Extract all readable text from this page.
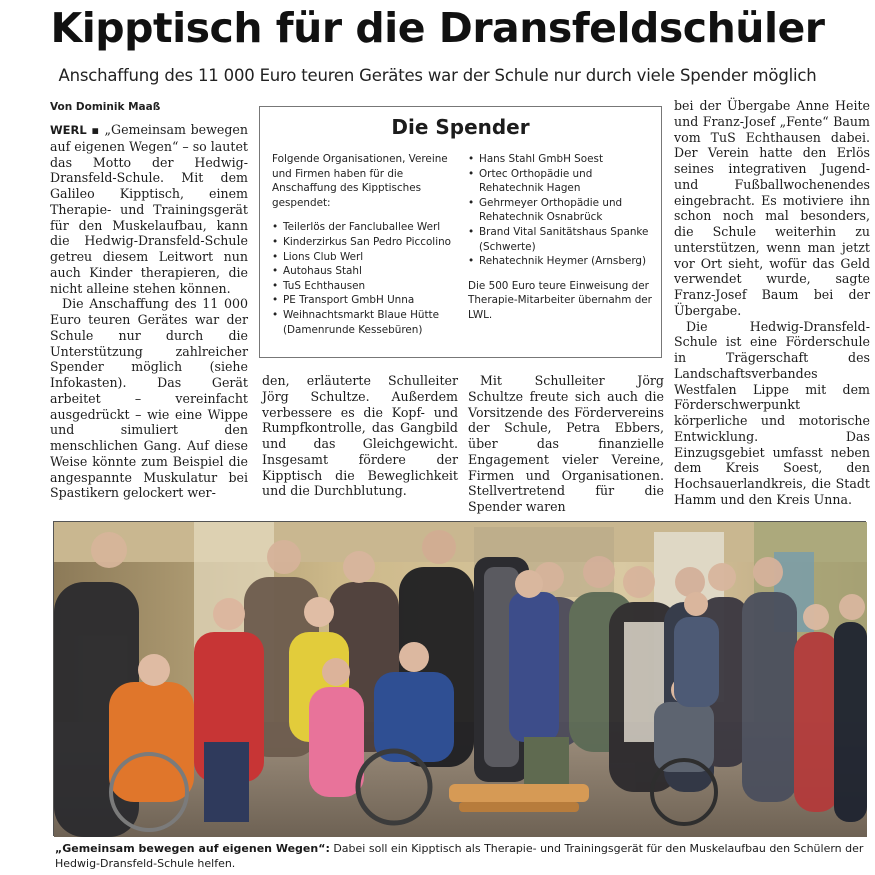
Kipptisch für die Dransfeldschüler
Anschaffung des 11 000 Euro teuren Gerätes war der Schule nur durch viele Spender möglich
Von Dominik Maaß

WERL ▪ „Gemeinsam bewegen auf eigenen Wegen“ – so lautet das Motto der Hedwig-Dransfeld-Schule. Mit dem Galileo Kipptisch, einem Therapie- und Trainingsgerät für den Muskelaufbau, kann die Hedwig-Dransfeld-Schule getreu diesem Leitwort nun auch Kinder therapieren, die nicht alleine stehen können.

Die Anschaffung des 11 000 Euro teuren Gerätes war der Schule nur durch die Unterstützung zahlreicher Spender möglich (siehe Infokasten). Das Gerät arbeitet – vereinfacht ausgedrückt – wie eine Wippe und simuliert den menschlichen Gang. Auf diese Weise könnte zum Beispiel die angespannte Muskulatur bei Spastikern gelockert wer-

Die Spender
Folgende Organisationen, Vereine und Firmen haben für die Anschaffung des Kipptisches gespendet:
• Teilerlös der Fancluballee Werl
• Kinderzirkus San Pedro Piccolino
• Lions Club Werl
• Autohaus Stahl
• TuS Echthausen
• PE Transport GmbH Unna
• Weihnachtsmarkt Blaue Hütte (Damenrunde Kessebüren)
• Hans Stahl GmbH Soest
• Ortec Orthopädie und Rehatechnik Hagen
• Gehrmeyer Orthopädie und Rehatechnik Osnabrück
• Brand Vital Sanitätshaus Spanke (Schwerte)
• Rehatechnik Heymer (Arnsberg)
Die 500 Euro teure Einweisung der Therapie-Mitarbeiter übernahm der LWL.

den, erläuterte Schulleiter Jörg Schultze. Außerdem verbessere es die Kopf- und Rumpfkontrolle, das Gangbild und das Gleichgewicht. Insgesamt fördere der Kipptisch die Beweglichkeit und die Durchblutung.

Mit Schulleiter Jörg Schultze freute sich auch die Vorsitzende des Fördervereins der Schule, Petra Ebbers, über das finanzielle Engagement vieler Vereine, Firmen und Organisationen. Stellvertretend für die Spender waren

bei der Übergabe Anne Heite und Franz-Josef „Fente“ Baum vom TuS Echthausen dabei. Der Verein hatte den Erlös seines integrativen Jugend- und Fußballwochenendes eingebracht. Es motiviere ihn schon noch mal besonders, die Schule weiterhin zu unterstützen, wenn man jetzt vor Ort sieht, wofür das Geld verwendet wurde, sagte Franz-Josef Baum bei der Übergabe.

Die Hedwig-Dransfeld-Schule ist eine Förderschule in Trägerschaft des Landschaftsverbandes Westfalen Lippe mit dem Förderschwerpunkt körperliche und motorische Entwicklung. Das Einzugsgebiet umfasst neben dem Kreis Soest, den Hochsauerlandkreis, die Stadt Hamm und den Kreis Unna.

„Gemeinsam bewegen auf eigenen Wegen“: Dabei soll ein Kipptisch als Therapie- und Trainingsgerät für den Muskelaufbau den Schülern der Hedwig-Dransfeld-Schule helfen.
